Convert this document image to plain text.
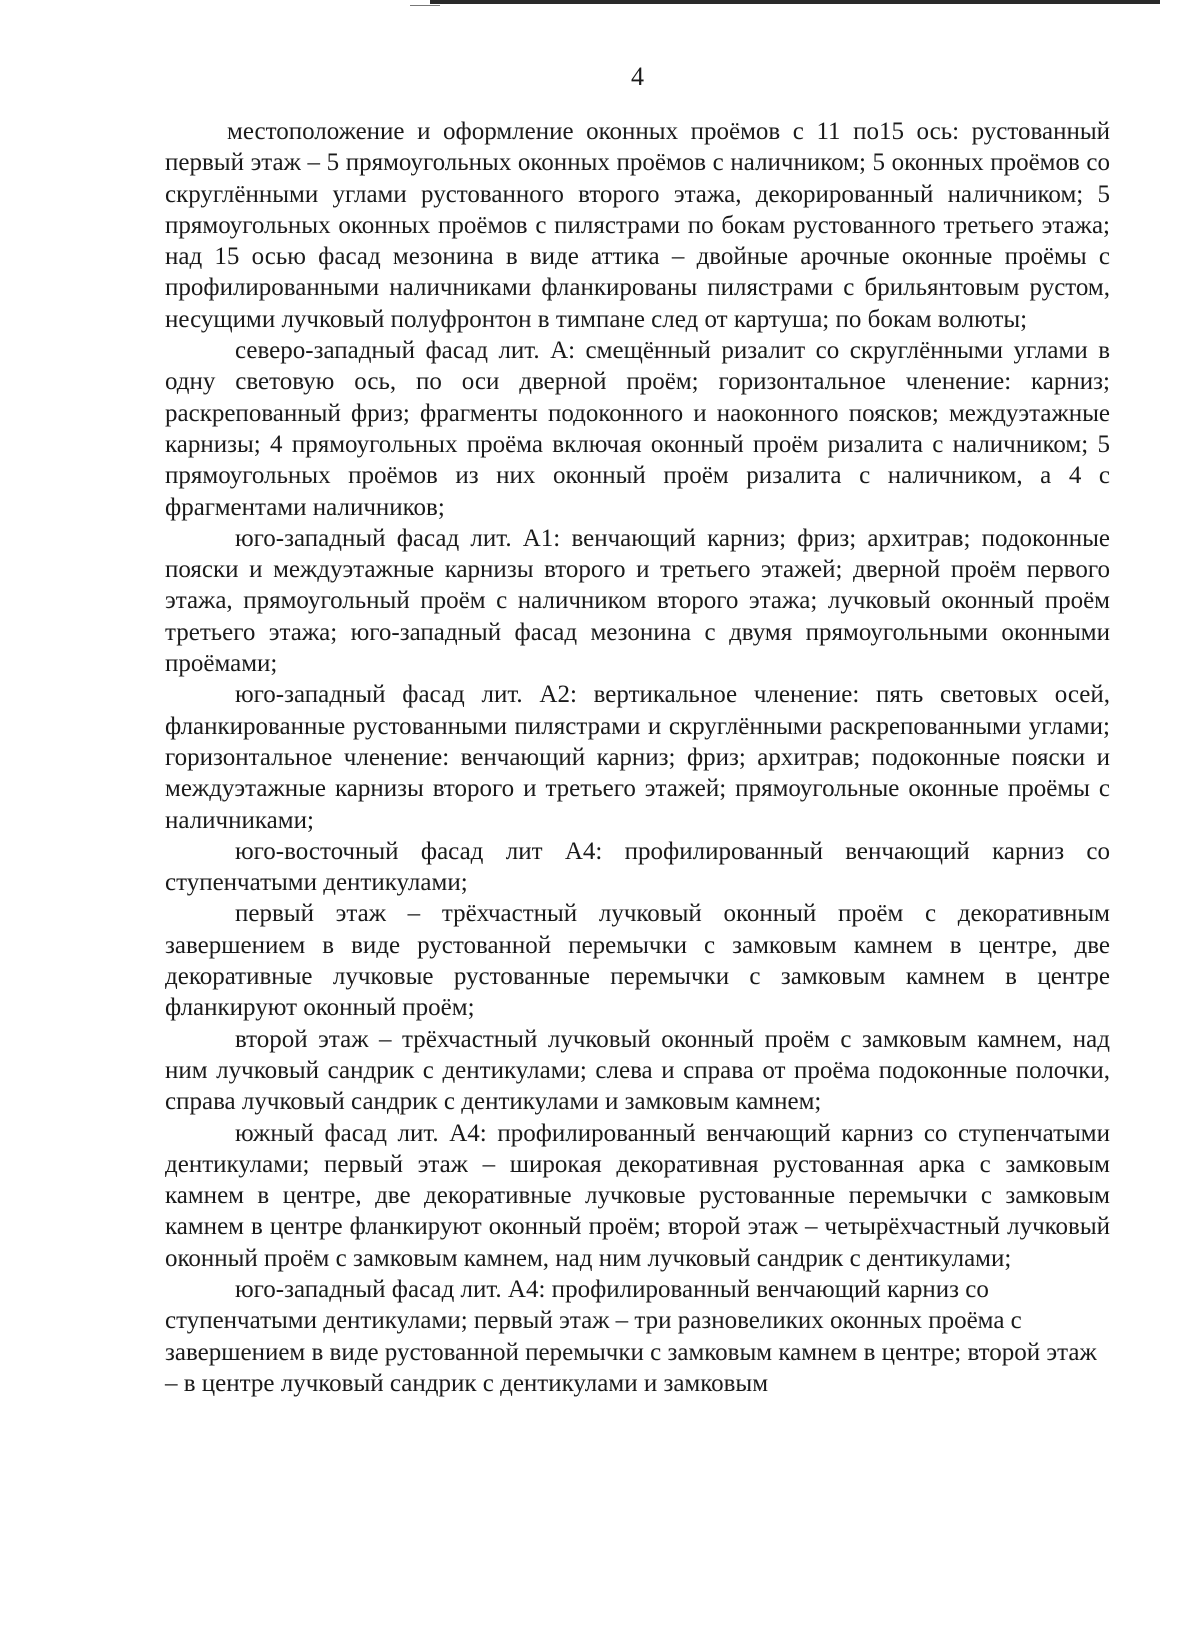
4

местоположение и оформление оконных проёмов с 11 по15 ось: рустованный первый этаж – 5 прямоугольных оконных проёмов с наличником; 5 оконных проёмов со скруглёнными углами рустованного второго этажа, декорированный наличником; 5 прямоугольных оконных проёмов с пилястрами по бокам рустованного третьего этажа; над 15 осью фасад мезонина в виде аттика – двойные арочные оконные проёмы с профилированными наличниками фланкированы пилястрами с брильянтовым рустом, несущими лучковый полуфронтон в тимпане след от картуша; по бокам волюты;

северо-западный фасад лит. А: смещённый ризалит со скруглёнными углами в одну световую ось, по оси дверной проём; горизонтальное членение: карниз; раскрепованный фриз; фрагменты подоконного и наоконного поясков; междуэтажные карнизы; 4 прямоугольных проёма включая оконный проём ризалита с наличником; 5 прямоугольных проёмов из них оконный проём ризалита с наличником, а 4 с фрагментами наличников;

юго-западный фасад лит. А1: венчающий карниз; фриз; архитрав; подоконные пояски и междуэтажные карнизы второго и третьего этажей; дверной проём первого этажа, прямоугольный проём с наличником второго этажа; лучковый оконный проём третьего этажа; юго-западный фасад мезонина с двумя прямоугольными оконными проёмами;

юго-западный фасад лит. А2: вертикальное членение: пять световых осей, фланкированные рустованными пилястрами и скруглёнными раскрепованными углами; горизонтальное членение: венчающий карниз; фриз; архитрав; подоконные пояски и междуэтажные карнизы второго и третьего этажей; прямоугольные оконные проёмы с наличниками;

юго-восточный фасад лит А4: профилированный венчающий карниз со ступенчатыми дентикулами;

первый этаж – трёхчастный лучковый оконный проём с декоративным завершением в виде рустованной перемычки с замковым камнем в центре, две декоративные лучковые рустованные перемычки с замковым камнем в центре фланкируют оконный проём;

второй этаж – трёхчастный лучковый оконный проём с замковым камнем, над ним лучковый сандрик с дентикулами; слева и справа от проёма подоконные полочки, справа лучковый сандрик с дентикулами и замковым камнем;

южный фасад лит. А4: профилированный венчающий карниз со ступенчатыми дентикулами; первый этаж – широкая декоративная рустованная арка с замковым камнем в центре, две декоративные лучковые рустованные перемычки с замковым камнем в центре фланкируют оконный проём; второй этаж – четырёхчастный лучковый оконный проём с замковым камнем, над ним лучковый сандрик с дентикулами;

юго-западный фасад лит. А4: профилированный венчающий карниз со ступенчатыми дентикулами; первый этаж – три разновеликих оконных проёма с завершением в виде рустованной перемычки с замковым камнем в центре; второй этаж – в центре лучковый сандрик с дентикулами и замковым
